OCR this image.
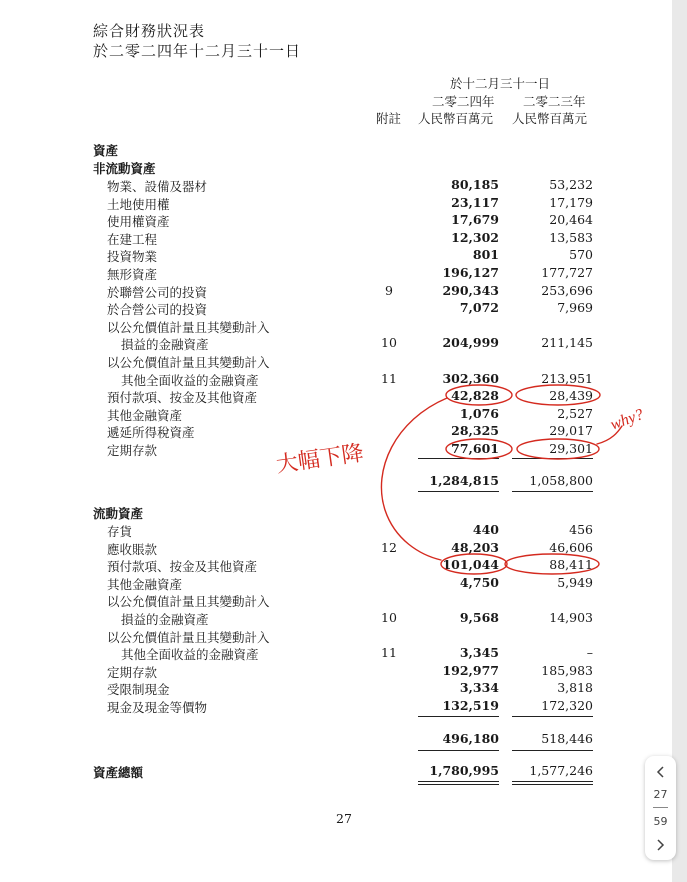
綜合財務狀況表
於二零二四年十二月三十一日
於十二月三十一日
二零二四年 二零二三年
附註 人民幣百萬元 人民幣百萬元
資產
非流動資產
物業、設備及器材	80,185	53,232
土地使用權	23,117	17,179
使用權資產	17,679	20,464
在建工程	12,302	13,583
投資物業	801	570
無形資產	196,127	177,727
於聯營公司的投資	9	290,343	253,696
於合營公司的投資	7,072	7,969
以公允價值計量且其變動計入
損益的金融資產	10	204,999	211,145
以公允價值計量且其變動計入
其他全面收益的金融資產	11	302,360	213,951
預付款項、按金及其他資產	42,828	28,439
其他金融資產	1,076	2,527
遞延所得稅資產	28,325	29,017
定期存款	77,601	29,301
1,284,815 1,058,800
流動資產
存貨	440	456
應收賬款	12	48,203	46,606
預付款項、按金及其他資產	101,044	88,411
其他金融資產	4,750	5,949
以公允價值計量且其變動計入
損益的金融資產	10	9,568	14,903
以公允價值計量且其變動計入
其他全面收益的金融資產	11	3,345	–
定期存款	192,977	185,983
受限制現金	3,334	3,818
現金及現金等價物	132,519	172,320
496,180	518,446
資產總額	1,780,995 1,577,246
27
大幅下降
why?
27
59
